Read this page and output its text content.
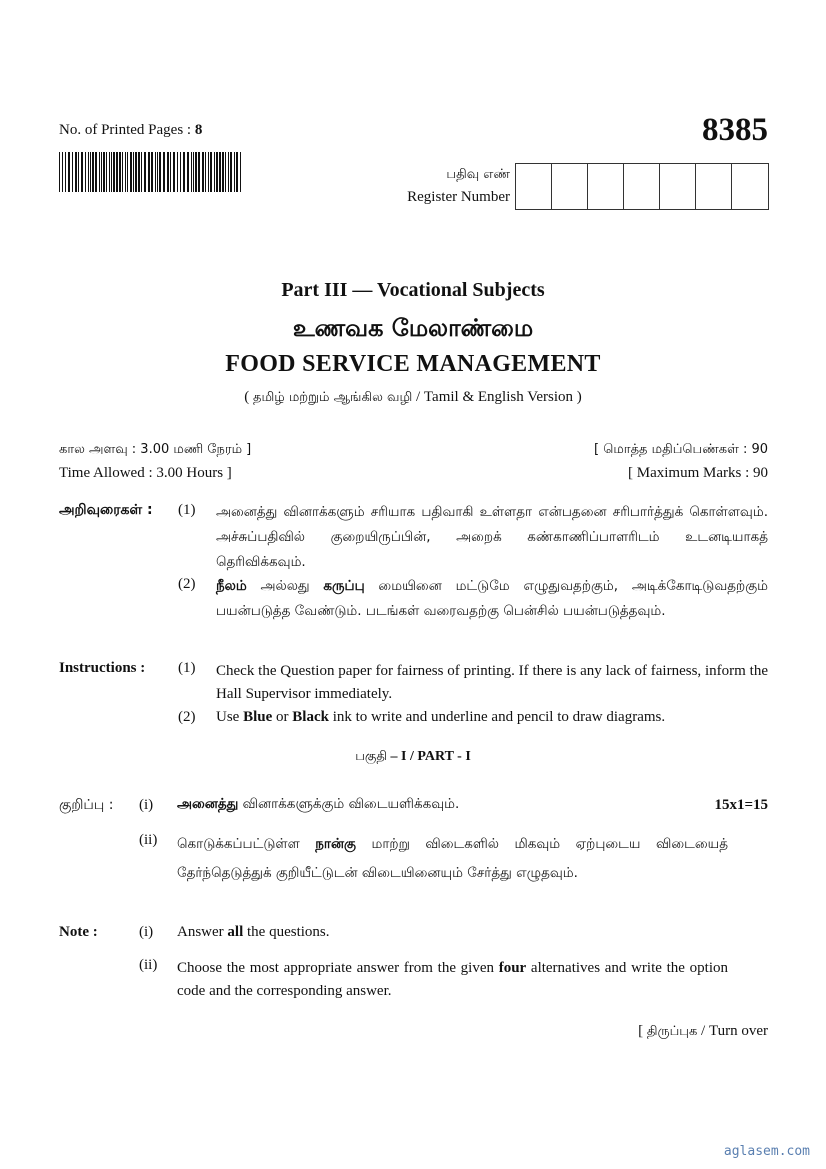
No. of Printed Pages : 8	8385
பதிவு எண்
Register Number
Part III — Vocational Subjects
உணவக மேலாண்மை
FOOD SERVICE MANAGEMENT
( தமிழ் மற்றும் ஆங்கில வழி / Tamil & English Version )
கால அளவு : 3.00 மணி நேரம் ]	[ மொத்த மதிப்பெண்கள் : 90
Time Allowed : 3.00 Hours ]	[ Maximum Marks : 90
அறிவுரைகள் : (1) அனைத்து வினாக்களும் சரியாக பதிவாகி உள்ளதா என்பதனை சரிபார்த்துக் கொள்ளவும். அச்சுப்பதிவில் குறையிருப்பின், அறைக் கண்காணிப்பாளரிடம் உடனடியாகத் தெரிவிக்கவும்.
(2) நீலம் அல்லது கருப்பு மையினை மட்டுமே எழுதுவதற்கும், அடிக்கோடிடுவதற்கும் பயன்படுத்த வேண்டும். படங்கள் வரைவதற்கு பென்சில் பயன்படுத்தவும்.
Instructions : (1) Check the Question paper for fairness of printing. If there is any lack of fairness, inform the Hall Supervisor immediately.
(2) Use Blue or Black ink to write and underline and pencil to draw diagrams.
பகுதி – I / PART - I
குறிப்பு : (i) அனைத்து வினாக்களுக்கும் விடையளிக்கவும்.	15x1=15
(ii) கொடுக்கப்பட்டுள்ள நான்கு மாற்று விடைகளில் மிகவும் ஏற்புடைய விடையைத் தேர்ந்தெடுத்துக் குறியீட்டுடன் விடையினையும் சேர்த்து எழுதவும்.
Note :	(i) Answer all the questions.
(ii) Choose the most appropriate answer from the given four alternatives and write the option code and the corresponding answer.
[ திருப்புக / Turn over
aglasem.com
